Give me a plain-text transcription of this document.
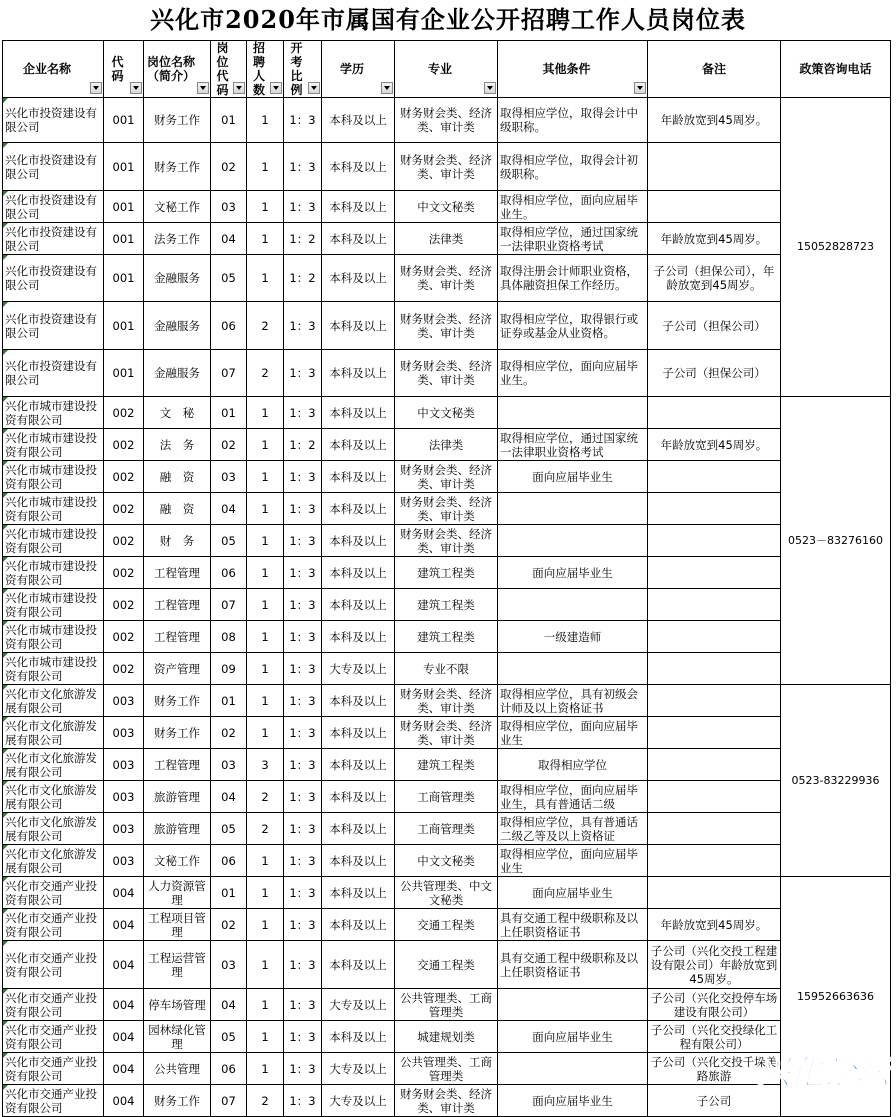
兴化市2020年市属国有企业公开招聘工作人员岗位表
企业名称	代码	岗位名称（简介）	岗位代码	招聘人数	开考比例	学历	专业	其他条件	备注	政策咨询电话

兴化市投资建设有限公司	001	财务工作	01	1	1：3	本科及以上	财务财会类、经济类、审计类	取得相应学位，取得会计中级职称。	年龄放宽到45周岁。	15052828723

兴化市投资建设有限公司	001	财务工作	02	1	1：3	本科及以上	财务财会类、经济类、审计类	取得相应学位，取得会计初级职称。		

兴化市投资建设有限公司	001	文秘工作	03	1	1：3	本科及以上	中文文秘类	取得相应学位，面向应届毕业生。		

兴化市投资建设有限公司	001	法务工作	04	1	1：2	本科及以上	法律类	取得相应学位，通过国家统一法律职业资格考试	年龄放宽到45周岁。	

兴化市投资建设有限公司	001	金融服务	05	1	1：2	本科及以上	财务财会类、经济类、审计类	取得注册会计师职业资格，具体融资担保工作经历。	子公司（担保公司），年龄放宽到45周岁。	

兴化市投资建设有限公司	001	金融服务	06	2	1：3	本科及以上	财务财会类、经济类、审计类	取得相应学位，取得银行或证券或基金从业资格。	子公司（担保公司）	

兴化市投资建设有限公司	001	金融服务	07	2	1：3	本科及以上	财务财会类、经济类、审计类	取得相应学位，面向应届毕业生。	子公司（担保公司）	

兴化市城市建设投资有限公司	002	文　秘	01	1	1：3	本科及以上	中文文秘类			0523－83276160

兴化市城市建设投资有限公司	002	法　务	02	1	1：2	本科及以上	法律类	取得相应学位，通过国家统一法律职业资格考试	年龄放宽到45周岁。	

兴化市城市建设投资有限公司	002	融　资	03	1	1：3	本科及以上	财务财会类、经济类、审计类	面向应届毕业生		

兴化市城市建设投资有限公司	002	融　资	04	1	1：3	本科及以上	财务财会类、经济类、审计类			

兴化市城市建设投资有限公司	002	财　务	05	1	1：3	本科及以上	财务财会类、经济类、审计类			

兴化市城市建设投资有限公司	002	工程管理	06	1	1：3	本科及以上	建筑工程类	面向应届毕业生		

兴化市城市建设投资有限公司	002	工程管理	07	1	1：3	本科及以上	建筑工程类			

兴化市城市建设投资有限公司	002	工程管理	08	1	1：3	本科及以上	建筑工程类	一级建造师		

兴化市城市建设投资有限公司	002	资产管理	09	1	1：3	大专及以上	专业不限			

兴化市文化旅游发展有限公司	003	财务工作	01	1	1：3	本科及以上	财务财会类、经济类、审计类	取得相应学位，具有初级会计师及以上资格证书		0523-83229936

兴化市文化旅游发展有限公司	003	财务工作	02	1	1：3	本科及以上	财务财会类、经济类、审计类	取得相应学位，面向应届毕业生		

兴化市文化旅游发展有限公司	003	工程管理	03	3	1：3	本科及以上	建筑工程类	取得相应学位		

兴化市文化旅游发展有限公司	003	旅游管理	04	2	1：3	本科及以上	工商管理类	取得相应学位，面向应届毕业生，具有普通话二级		

兴化市文化旅游发展有限公司	003	旅游管理	05	2	1：3	本科及以上	工商管理类	取得相应学位，具有普通话二级乙等及以上资格证		

兴化市文化旅游发展有限公司	003	文秘工作	06	1	1：3	本科及以上	中文文秘类	取得相应学位，面向应届毕业生		

兴化市交通产业投资有限公司	004	人力资源管理	01	1	1：3	本科及以上	公共管理类、中文文秘类	面向应届毕业生		15952663636

兴化市交通产业投资有限公司	004	工程项目管理	02	1	1：3	本科及以上	交通工程类	具有交通工程中级职称及以上任职资格证书	年龄放宽到45周岁。	

兴化市交通产业投资有限公司	004	工程运营管理	03	1	1：3	本科及以上	交通工程类	具有交通工程中级职称及以上任职资格证书	子公司（兴化交投工程建设有限公司）年龄放宽到45周岁。	

兴化市交通产业投资有限公司	004	停车场管理	04	1	1：3	大专及以上	公共管理类、工商管理类		子公司（兴化交投停车场建设有限公司）	

兴化市交通产业投资有限公司	004	园林绿化管理	05	1	1：3	本科及以上	城建规划类	面向应届毕业生	子公司（兴化交投绿化工程有限公司）	

兴化市交通产业投资有限公司	004	公共管理	06	1	1：3	大专及以上	公共管理类、工商管理类		子公司（兴化交投千垛美路旅游	

兴化市交通产业投资有限公司	004	财务工作	07	2	1：3	大专及以上	财务财会类、经济类、审计类	面向应届毕业生	子公司	
兴化论坛
